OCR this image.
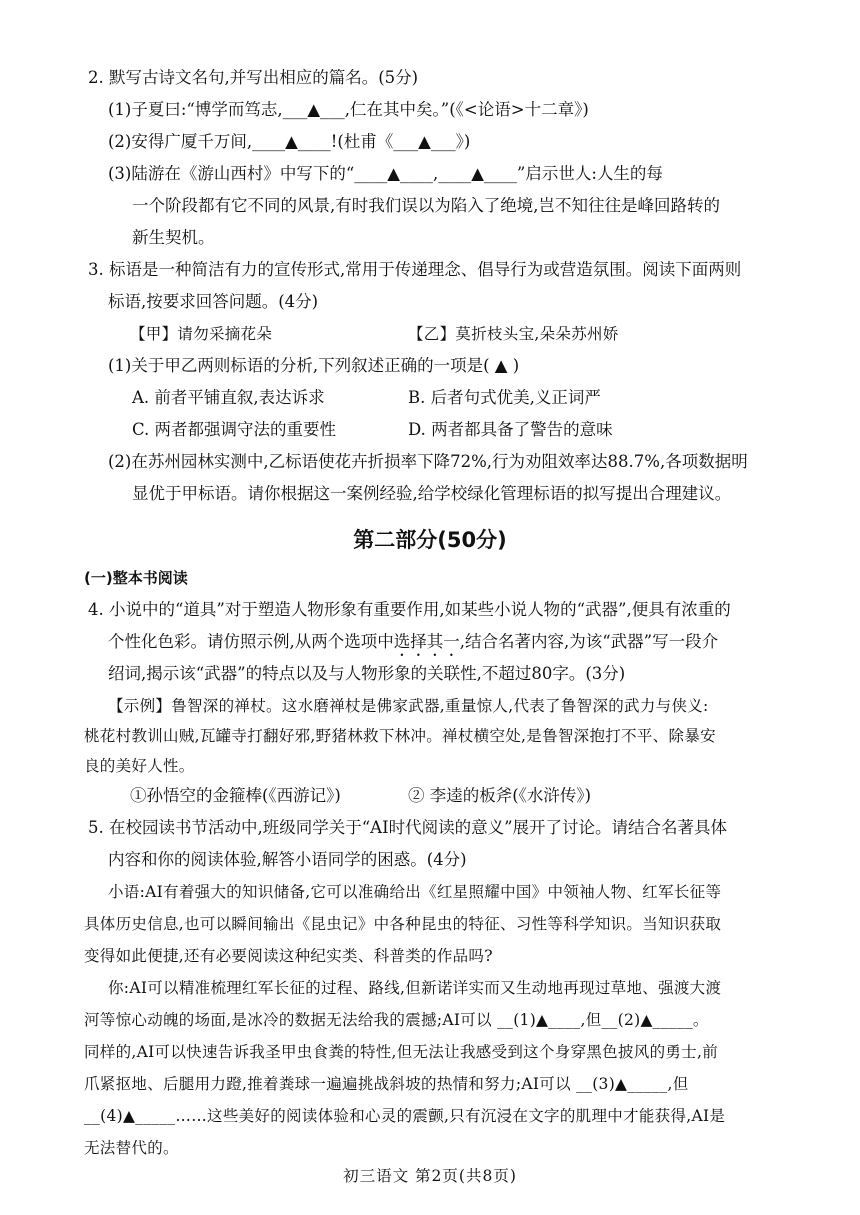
2. 默写古诗文名句,并写出相应的篇名。(5分)
(1)子夏曰:“博学而笃志,___▲___,仁在其中矣。”(《<论语>十二章》)
(2)安得广厦千万间,____▲____!(杜甫《___▲___》)
(3)陆游在《游山西村》中写下的“____▲____,____▲____”启示世人:人生的每
一个阶段都有它不同的风景,有时我们误以为陷入了绝境,岂不知往往是峰回路转的
新生契机。
3. 标语是一种简洁有力的宣传形式,常用于传递理念、倡导行为或营造氛围。阅读下面两则
标语,按要求回答问题。(4分)
【甲】请勿采摘花朵	【乙】莫折枝头宝,朵朵苏州娇
(1)关于甲乙两则标语的分析,下列叙述正确的一项是( ▲ )
A. 前者平铺直叙,表达诉求	B. 后者句式优美,义正词严
C. 两者都强调守法的重要性	D. 两者都具备了警告的意味
(2)在苏州园林实测中,乙标语使花卉折损率下降72%,行为劝阻效率达88.7%,各项数据明
显优于甲标语。请你根据这一案例经验,给学校绿化管理标语的拟写提出合理建议。
第二部分(50分)
(一)整本书阅读
4. 小说中的“道具”对于塑造人物形象有重要作用,如某些小说人物的“武器”,便具有浓重的
个性化色彩。请仿照示例,从两个选项中选择其一,结合名著内容,为该“武器”写一段介
绍词,揭示该“武器”的特点以及与人物形象的关联性,不超过80字。(3分)
【示例】鲁智深的禅杖。这水磨禅杖是佛家武器,重量惊人,代表了鲁智深的武力与侠义:
桃花村教训山贼,瓦罐寺打翻好邪,野猪林救下林冲。禅杖横空处,是鲁智深抱打不平、除暴安
良的美好人性。
①孙悟空的金箍棒(《西游记》)	② 李逵的板斧(《水浒传》)
5. 在校园读书节活动中,班级同学关于“AI时代阅读的意义”展开了讨论。请结合名著具体
内容和你的阅读体验,解答小语同学的困惑。(4分)
小语:AI有着强大的知识储备,它可以准确给出《红星照耀中国》中领袖人物、红军长征等
具体历史信息,也可以瞬间输出《昆虫记》中各种昆虫的特征、习性等科学知识。当知识获取
变得如此便捷,还有必要阅读这种纪实类、科普类的作品吗?
你:AI可以精准梳理红军长征的过程、路线,但新诺详实而又生动地再现过草地、强渡大渡
河等惊心动魄的场面,是冰冷的数据无法给我的震撼;AI可以 __(1)▲____,但__(2)▲_____。
同样的,AI可以快速告诉我圣甲虫食粪的特性,但无法让我感受到这个身穿黑色披风的勇士,前
爪紧抠地、后腿用力蹬,推着粪球一遍遍挑战斜坡的热情和努力;AI可以 __(3)▲_____,但
__(4)▲_____……这些美好的阅读体验和心灵的震颤,只有沉浸在文字的肌理中才能获得,AI是
无法替代的。
初三语文 第2页(共8页)
